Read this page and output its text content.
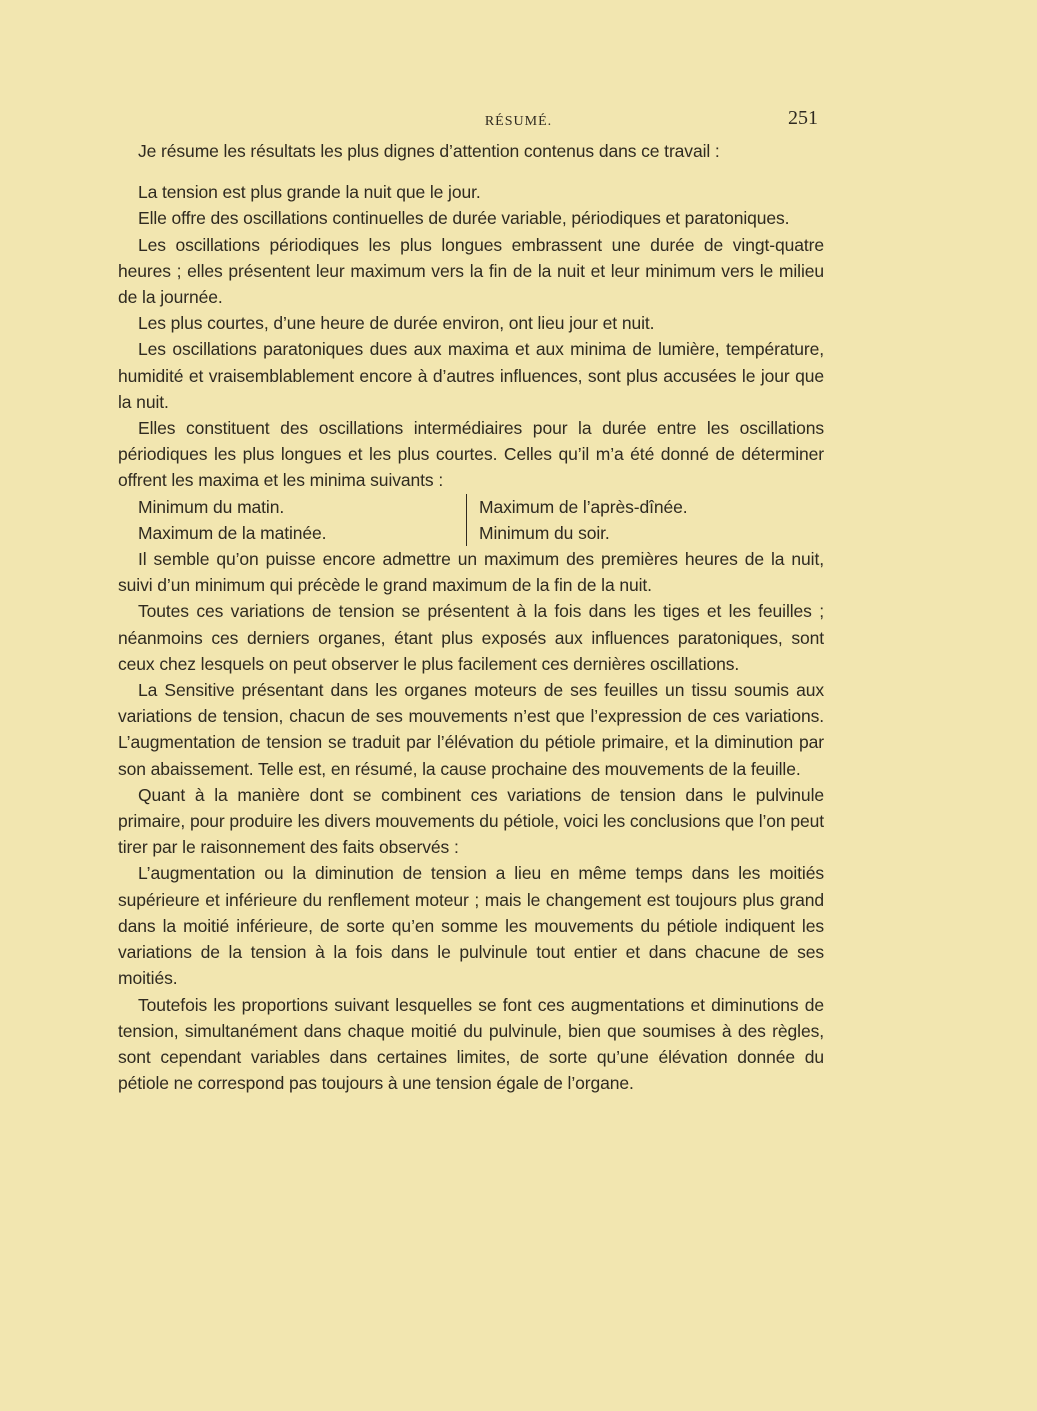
RÉSUMÉ.	251

Je résume les résultats les plus dignes d’attention contenus dans ce travail :

La tension est plus grande la nuit que le jour.

Elle offre des oscillations continuelles de durée variable, périodiques et paratoniques.

Les oscillations périodiques les plus longues embrassent une durée de vingt-quatre heures ; elles présentent leur maximum vers la fin de la nuit et leur minimum vers le milieu de la journée.

Les plus courtes, d’une heure de durée environ, ont lieu jour et nuit.

Les oscillations paratoniques dues aux maxima et aux minima de lumière, température, humidité et vraisemblablement encore à d’autres influences, sont plus accusées le jour que la nuit.

Elles constituent des oscillations intermédiaires pour la durée entre les oscillations périodiques les plus longues et les plus courtes. Celles qu’il m’a été donné de déterminer offrent les maxima et les minima suivants :

Minimum du matin.
Maximum de la matinée.
Maximum de l’après-dînée.
Minimum du soir.

Il semble qu’on puisse encore admettre un maximum des premières heures de la nuit, suivi d’un minimum qui précède le grand maximum de la fin de la nuit.

Toutes ces variations de tension se présentent à la fois dans les tiges et les feuilles ; néanmoins ces derniers organes, étant plus exposés aux influences paratoniques, sont ceux chez lesquels on peut observer le plus facilement ces dernières oscillations.

La Sensitive présentant dans les organes moteurs de ses feuilles un tissu soumis aux variations de tension, chacun de ses mouvements n’est que l’expression de ces variations. L’augmentation de tension se traduit par l’élévation du pétiole primaire, et la diminution par son abaissement. Telle est, en résumé, la cause prochaine des mouvements de la feuille.

Quant à la manière dont se combinent ces variations de tension dans le pulvinule primaire, pour produire les divers mouvements du pétiole, voici les conclusions que l’on peut tirer par le raisonnement des faits observés :

L’augmentation ou la diminution de tension a lieu en même temps dans les moitiés supérieure et inférieure du renflement moteur ; mais le changement est toujours plus grand dans la moitié inférieure, de sorte qu’en somme les mouvements du pétiole indiquent les variations de la tension à la fois dans le pulvinule tout entier et dans chacune de ses moitiés.

Toutefois les proportions suivant lesquelles se font ces augmentations et diminutions de tension, simultanément dans chaque moitié du pulvinule, bien que soumises à des règles, sont cependant variables dans certaines limites, de sorte qu’une élévation donnée du pétiole ne correspond pas toujours à une tension égale de l’organe.
